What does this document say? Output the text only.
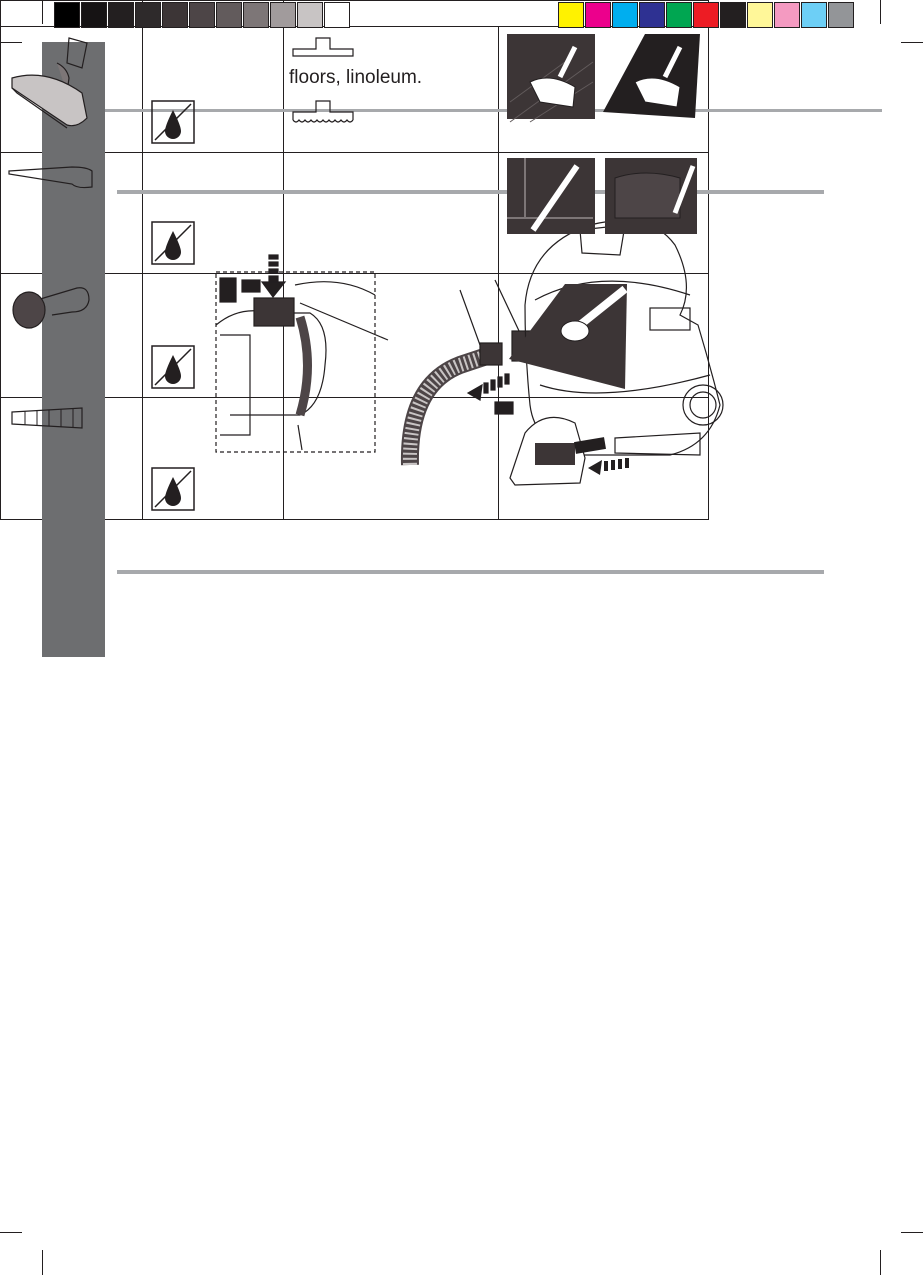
floors, linoleum.
